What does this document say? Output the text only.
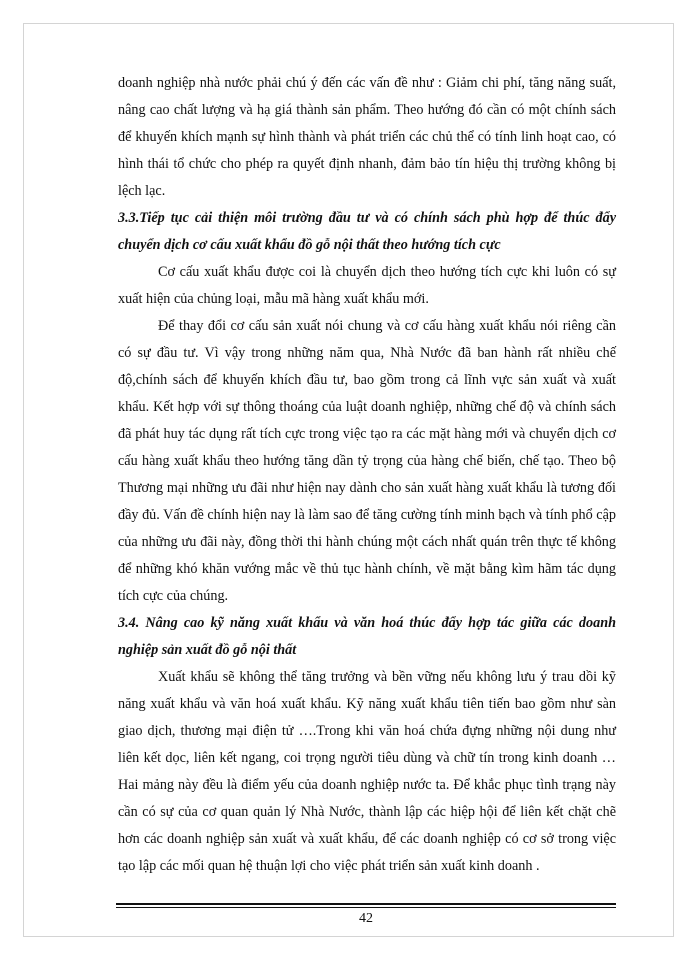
doanh nghiệp nhà nước phải chú ý đến các vấn đề như : Giảm chi phí, tăng năng suất, nâng cao chất lượng và hạ giá thành sản phẩm. Theo hướng đó cần có một chính sách để khuyến khích mạnh sự hình thành và phát triển các chủ thể có tính linh hoạt cao, có hình thái tổ chức cho phép ra quyết định nhanh, đảm bảo tín hiệu thị trường không bị lệch lạc.

3.3.Tiếp tục cải thiện môi trường đầu tư và có chính sách phù hợp để thúc đẩy chuyển dịch cơ cấu xuất khẩu đồ gỗ nội thất theo hướng tích cực

Cơ cấu xuất khẩu được coi là chuyển dịch theo hướng tích cực khi luôn có sự xuất hiện của chủng loại, mẫu mã hàng xuất khẩu mới.

Để thay đổi cơ cấu sản xuất nói chung và cơ cấu hàng xuất khẩu nói riêng cần có sự đầu tư. Vì vậy trong những năm qua, Nhà Nước đã ban hành rất nhiều chế độ,chính sách để khuyến khích đầu tư, bao gồm trong cả lĩnh vực sản xuất và xuất khẩu. Kết hợp với sự thông thoáng của luật doanh nghiệp, những chế độ và chính sách đã phát huy tác dụng rất tích cực trong việc tạo ra các mặt hàng mới và chuyển dịch cơ cấu hàng xuất khẩu theo hướng tăng dần tỷ trọng của hàng chế biến, chế tạo. Theo bộ Thương mại những ưu đãi như hiện nay dành cho sản xuất hàng xuất khẩu là tương đối đầy đủ. Vấn đề chính hiện nay là làm sao để tăng cường tính minh bạch và tính phổ cập của những ưu đãi này, đồng thời thi hành chúng một cách nhất quán trên thực tế không để những khó khăn vướng mắc về thủ tục hành chính, về mặt bằng kìm hãm tác dụng tích cực của chúng.

3.4. Nâng cao kỹ năng xuất khẩu và văn hoá thúc đẩy hợp tác giữa các doanh nghiệp sản xuất đồ gỗ nội thất

Xuất khẩu sẽ không thể tăng trưởng và bền vững nếu không lưu ý trau dồi kỹ năng xuất khẩu và văn hoá xuất khẩu. Kỹ năng xuất khẩu tiên tiến bao gồm như sàn giao dịch, thương mại điện tử ….Trong khi văn hoá chứa đựng những nội dung như liên kết dọc, liên kết ngang, coi trọng người tiêu dùng và chữ tín trong kinh doanh …Hai mảng này đều là điểm yếu của doanh nghiệp nước ta. Để khắc phục tình trạng này cần có sự của cơ quan quản lý Nhà Nước, thành lập các hiệp hội để liên kết chặt chẽ hơn các doanh nghiệp sản xuất và xuất khẩu, để các doanh nghiệp có cơ sở trong việc tạo lập các mối quan hệ thuận lợi cho việc phát triển sản xuất kinh doanh .

42
